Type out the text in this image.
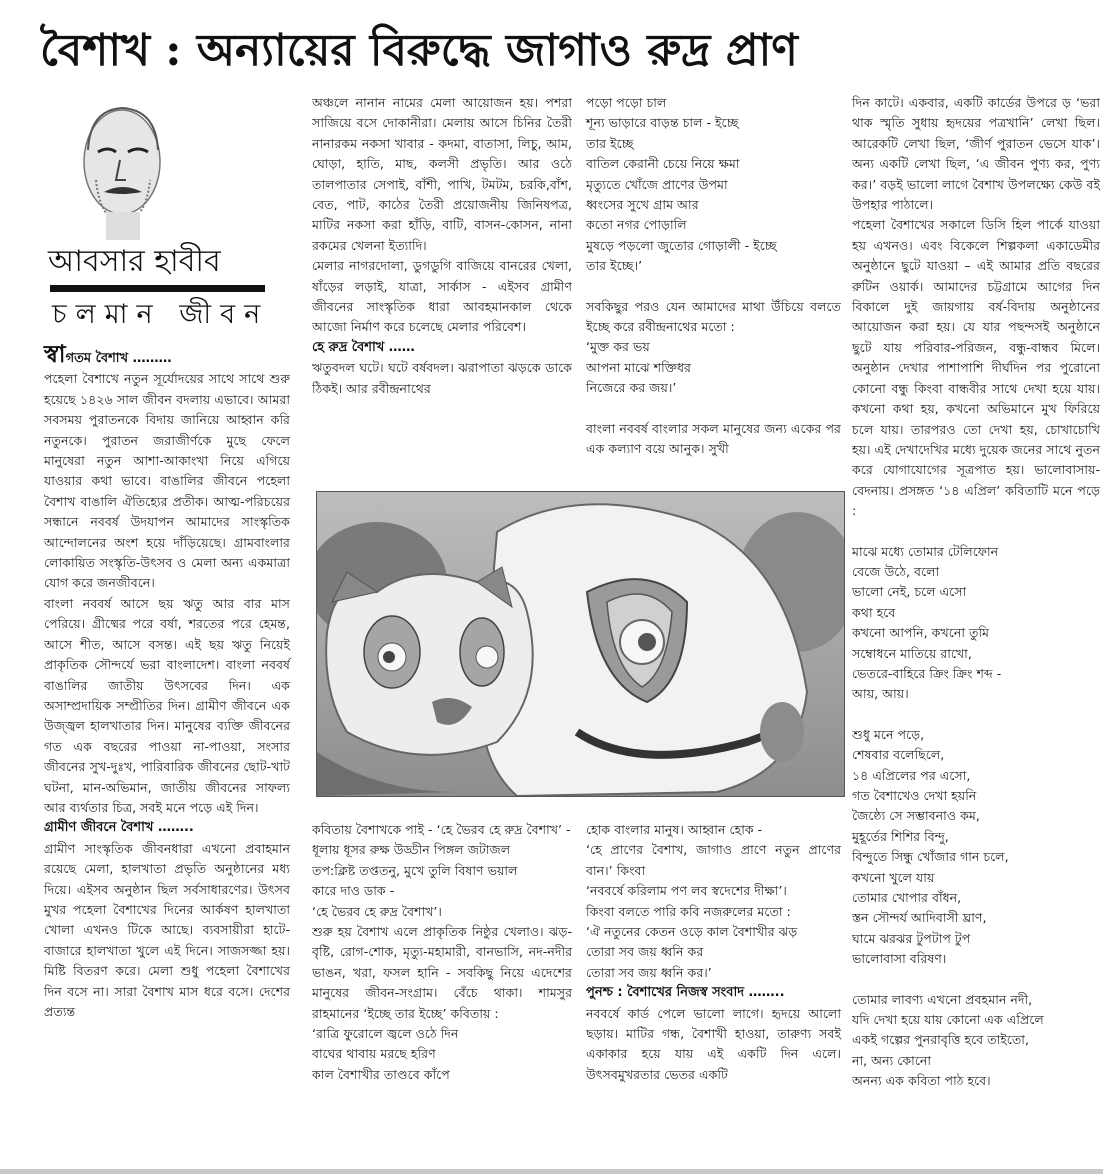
বৈশাখ : অন্যায়ের বিরুদ্ধে জাগাও রুদ্র প্রাণ
আবসার হাবীব
চলমান জীবন

স্বাগতম বৈশাখ ………

পহেলা বৈশাখে নতুন সূর্যোদয়ের সাথে সাথে শুরু হয়েছে ১৪২৬ সাল জীবন বদলায় এভাবে। আমরা সবসময় পুরাতনকে বিদায় জানিয়ে আহ্বান করি নতুনকে। পুরাতন জরাজীর্ণকে মুছে ফেলে মানুষেরা নতুন আশা-আকাংখা নিয়ে এগিয়ে যাওয়ার কথা ভাবে। বাঙালির জীবনে পহেলা বৈশাখ বাঙালি ঐতিহ্যের প্রতীক। আত্ম-পরিচয়ের সন্ধানে নববর্ষ উদযাপন আমাদের সাংস্কৃতিক আন্দোলনের অংশ হয়ে দাঁড়িয়েছে। গ্রামবাংলার লোকায়িত সংস্কৃতি-উৎসব ও মেলা অন্য একমাত্রা যোগ করে জনজীবনে।

বাংলা নববর্ষ আসে ছয় ঋতু আর বার মাস পেরিয়ে। গ্রীষ্মের পরে বর্ষা, শরতের পরে হেমন্ত, আসে শীত, আসে বসন্ত। এই ছয় ঋতু নিয়েই প্রাকৃতিক সৌন্দর্যে ভরা বাংলাদেশ। বাংলা নববর্ষ বাঙালির জাতীয় উৎসবের দিন। এক অসাম্প্রদায়িক সম্প্রীতির দিন। গ্রামীণ জীবনে এক উজ্জ্বল হালখাতার দিন। মানুষের ব্যক্তি জীবনের গত এক বছরের পাওয়া না-পাওয়া, সংসার জীবনের সুখ-দুঃখ, পারিবারিক জীবনের ছোট-খাট ঘটনা, মান-অভিমান, জাতীয় জীবনের সাফল্য আর ব্যর্থতার চিত্র, সবই মনে পড়ে এই দিন।

গ্রামীণ জীবনে বৈশাখ ……..

গ্রামীণ সাংস্কৃতিক জীবনধারা এখনো প্রবাহমান রয়েছে মেলা, হালখাতা প্রভৃতি অনুষ্ঠানের মধ্য দিয়ে। এইসব অনুষ্ঠান ছিল সর্বসাধারণের। উৎসব মুখর পহেলা বৈশাখের দিনের আর্কষণ হালখাতা খোলা এখনও টিকে আছে। ব্যবসায়ীরা হাটে-বাজারে হালখাতা খুলে এই দিনে। সাজসজ্জা হয়। মিষ্টি বিতরণ করে। মেলা শুধু পহেলা বৈশাখের দিন বসে না। সারা বৈশাখ মাস ধরে বসে। দেশের প্রত্যন্ত

অঞ্চলে নানান নামের মেলা আয়োজন হয়। পশরা সাজিয়ে বসে দোকানীরা। মেলায় আসে চিনির তৈরী নানারকম নকসা খাবার - কদমা, বাতাসা, লিচু, আম, ঘোড়া, হাতি, মাছ, কলসী প্রভৃতি। আর ওঠে তালপাতার সেপাই, বাঁশী, পাখি, টমটম, চরকি,বাঁশ, বেত, পাট, কাঠের তৈরী প্রয়োজনীয় জিনিষপত্র, মাটির নকসা করা হাঁড়ি, বাটি, বাসন-কোসন, নানা রকমের খেলনা ইত্যাদি।

মেলার নাগরদোলা, ডুগডুগি বাজিয়ে বানরের খেলা, ষাঁড়ের লড়াই, যাত্রা, সার্কাস - এইসব গ্রামীণ জীবনের সাংস্কৃতিক ধারা আবহমানকাল থেকে আজো নির্মাণ করে চলেছে মেলার পরিবেশ।

হে রুদ্র বৈশাখ ……

ঋতুবদল ঘটে। ঘটে বর্ষবদল। ঝরাপাতা ঝড়কে ডাকে ঠিকই। আর রবীন্দ্রনাথের

পড়ো পড়ো চাল
শূন্য ভাড়ারে বাড়ন্ত চাল - ইচ্ছে
তার ইচ্ছে
বাতিল কেরানী চেয়ে নিয়ে ক্ষমা
মৃত্যুতে খোঁজে প্রাণের উপমা
ধ্বংসের সুখে গ্রাম আর
কতো নগর পোড়ালি
মুষড়ে পড়লো জুতোর গোড়ালী - ইচ্ছে
তার ইচ্ছে।’

সবকিছুর পরও যেন আমাদের মাথা উঁচিয়ে বলতে ইচ্ছে করে রবীন্দ্রনাথের মতো :

‘মুক্ত কর ভয়
আপনা মাঝে শক্তিধর
নিজেরে কর জয়।’

বাংলা নববর্ষ বাংলার সকল মানুষের জন্য একের পর এক কল্যাণ বয়ে আনুক। সুখী

কবিতায় বৈশাখকে পাই - ‘হে ভৈরব হে রুদ্র বৈশাখ’ -

ধূলায় ধূসর রুক্ষ উড্ডীন পিঙ্গল জটাজল
তপ:ক্লিষ্ট তপ্ততনু, মুখে তুলি বিষাণ ভয়াল
কারে দাও ডাক -
‘হে ভৈরব হে রুদ্র বৈশাখ’।

শুরু হয় বৈশাখ এলে প্রাকৃতিক নিষ্ঠুর খেলাও। ঝড়-বৃষ্টি, রোগ-শোক, মৃত্যু-মহামারী, বানভাসি, নদ-নদীর ভাঙন, খরা, ফসল হানি - সবকিছু নিয়ে এদেশের মানুষের জীবন-সংগ্রাম। বেঁচে থাকা। শামসুর রাহমানের ‘ইচ্ছে তার ইচ্ছে’ কবিতায় :

‘রাত্রি ফুরোলে জ্বলে ওঠে দিন
বাঘের থাবায় মরছে হরিণ
কাল বৈশাখীর তাণ্ডবে কাঁপে

হোক বাংলার মানুষ। আহ্বান হোক -

‘হে প্রাণের বৈশাখ, জাগাও প্রাণে নতুন প্রাণের বান।’ কিংবা

‘নববর্ষে করিলাম পণ লব স্বদেশের দীক্ষা’।

কিংবা বলতে পারি কবি নজরুলের মতো :

‘ঐ নতুনের কেতন ওড়ে কাল বৈশাখীর ঝড়

তোরা সব জয় ধ্বনি কর
তোরা সব জয় ধ্বনি কর।’

পুনশ্চ : বৈশাখের নিজস্ব সংবাদ ……..

নববর্ষে কার্ড পেলে ভালো লাগে। হৃদয়ে আলো ছড়ায়। মাটির গন্ধ, বৈশাখী হাওয়া, তারুণ্য সবই একাকার হয়ে যায় এই একটি দিন এলে। উৎসবমুখরতার ভেতর একটি

দিন কাটে। একবার, একটি কার্ডের উপরে ড় ‘ভরা থাক স্মৃতি সুধায় হৃদয়ের পত্রখানি’ লেখা ছিল। আরেকটি লেখা ছিল, ‘জীর্ণ পুরাতন ভেসে যাক’। অন্য একটি লেখা ছিল, ‘এ জীবন পুণ্য কর, পুণ্য কর।’ বড়ই ভালো লাগে বৈশাখ উপলক্ষ্যে কেউ বই উপহার পাঠালে।

পহেলা বৈশাখের সকালে ডিসি হিল পার্কে যাওয়া হয় এখনও। এবং বিকেলে শিল্পকলা একাডেমীর অনুষ্ঠানে ছুটে যাওয়া – এই আমার প্রতি বছরের রুটিন ওয়ার্ক। আমাদের চট্টগ্রামে আগের দিন বিকালে দুই জায়গায় বর্ষ-বিদায় অনুষ্ঠানের আয়োজন করা হয়। যে যার পছন্দসই অনুষ্ঠানে ছুটে যায় পরিবার-পরিজন, বন্ধু-বান্ধব মিলে। অনুষ্ঠান দেখার পাশাপাশি দীর্ঘদিন পর পুরোনো কোনো বন্ধু কিংবা বান্ধবীর সাথে দেখা হয়ে যায়। কখনো কথা হয়, কখনো অভিমানে মুখ ফিরিয়ে চলে যায়। তারপরও তো দেখা হয়, চোখাচোখি হয়। এই দেখাদেখির মধ্যে দুয়েক জনের সাথে নুতন করে যোগাযোগের সূত্রপাত হয়। ভালোবাসায়-বেদনায়। প্রসঙ্গত ‘১৪ এপ্রিল’ কবিতাটি মনে পড়ে :

মাঝে মধ্যে তোমার টেলিফোন
বেজে উঠে, বলো
ভালো নেই, চলে এসো
কথা হবে
কখনো আপনি, কখনো তুমি
সম্বোধনে মাতিয়ে রাখো,
ভেতরে-বাহিরে ক্রিং ক্রিং শব্দ -
আয়, আয়।
শুধু মনে পড়ে,
শেষবার বলেছিলে,
১৪ এপ্রিলের পর এসো,
গত বৈশাখেও দেখা হয়নি
জৈষ্ঠ্যে সে সম্ভাবনাও কম,
মুহূর্তের শিশির বিন্দু,
বিন্দুতে সিন্ধু খোঁজার গান চলে,
কখনো খুলে যায়
তোমার খোপার বাঁধন,
স্তন সৌন্দর্য আদিবাসী ঘ্রাণ,
ঘামে ঝরঝর টুপটাপ টুপ
ভালোবাসা বরিষণ।
তোমার লাবণ্য এখনো প্রবহমান নদী,
যদি দেখা হয়ে যায় কোনো এক এপ্রিলে
একই গল্পের পুনরাবৃত্তি হবে তাইতো,
না, অন্য কোনো
অনন্য এক কবিতা পাঠ হবে।
